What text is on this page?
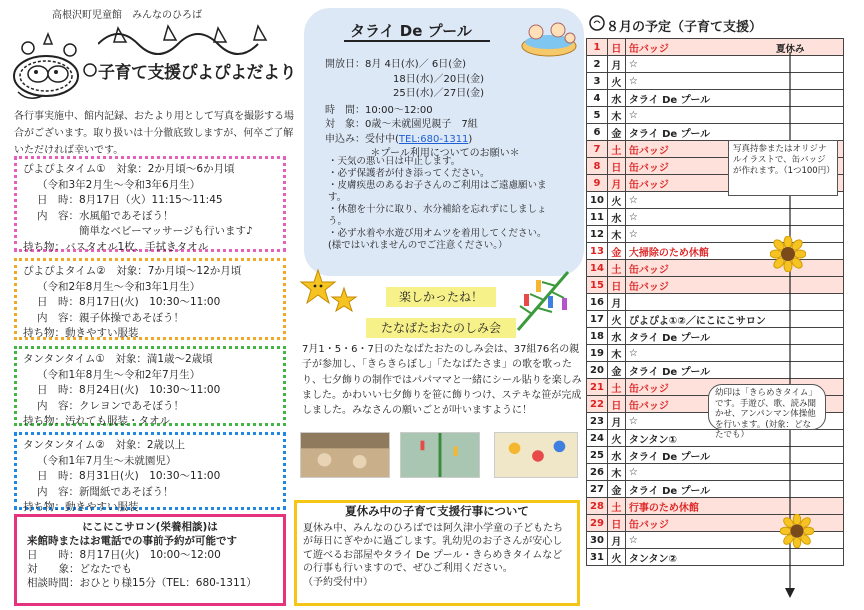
高根沢町児童館　みんなのひろば
子育て支援ぴよぴよだより
各行事実施中、館内記録、おたより用として写真を撮影する場合がございます。取り扱いは十分徹底致しますが、何卒ご了解いただければ幸いです。
ぴよぴよタイム①　対象：2か月頃～6か月頃
（令和3年2月生～令和3年6月生）
日　時：8月17日（火）11:15～11:45
内　容：水風船であそぼう！
簡単なベビーマッサージも行います♪
持ち物：バスタオル1枚、手拭きタオル
ぴよぴよタイム②　対象：7か月頃～12か月頃
（令和2年8月生～令和3年1月生）
日　時：8月17日(火)　10:30～11:00
内　容：親子体操であそぼう！
持ち物：動きやすい服装
タンタンタイム①　対象：満1歳～2歳頃
（令和1年8月生～令和2年7月生）
日　時：8月24日(火)　10:30～11:00
内　容：クレヨンであそぼう！
持ち物：汚れても服装・タオル
タンタンタイム②　対象：2歳以上
（令和1年7月生～未就園児）
日　時：8月31日(火)　10:30～11:00
内　容：新聞紙であそぼう！
持ち物：動きやすい服装
にこにこサロン(栄養相談)は
来館時またはお電話での事前予約が可能です
日　　時：8月17日(火)　10:00～12:00
対　　象：どなたでも
相談時間：おひとり様15分（TEL：680-1311）
タライ De プール
開放日： 8月 4日(水)／ 6日(金)
18日(水)／20日(金)
25日(水)／27日(金)
時　間： 10:00～12:00
対　象： 0歳～未就園児親子　7組
申込み： 受付中( TEL:680-1311 )
＊プール利用についてのお願い＊
・天気の悪い日は中止します。
・必ず保護者が付き添ってください。
・皮膚疾患のあるお子さんのご利用はご遠慮願います。
・休憩を十分に取り、水分補給を忘れずにしましょう。
・必ず水着や水遊び用オムツを着用してください。(様ではいれませんのでご注意ください。）
楽しかったね！
たなばたおたのしみ会
7月1・5・6・7日のたなばたおたのしみ会は、37組76名の親子が参加し、「きらきらぼし」「たなばたさま」の歌を歌ったり、七夕飾りの制作ではパパママと一緒にシール貼りを楽しみました。かわいい七夕飾りを笹に飾りつけ、ステキな笹が完成しました。みなさんの願いごとが叶いますように！
夏休み中の子育て支援行事について
夏休み中、みんなのひろばでは阿久津小学童の子どもたちが毎日にぎやかに過ごします。乳幼児のお子さんが安心して遊べるお部屋やタライ De プール・きらめきタイムなどの行事も行いますので、ぜひご利用ください。
（予約受付中）
８月の予定（子育て支援）
1	日	缶バッジ
2	月	☆
3	火	☆
4	水	タライ De プール
5	木	☆
6	金	タライ De プール
7	土	缶バッジ
8	日	缶バッジ
9	月	缶バッジ
10	火	☆
11	水	☆
12	木	☆
13	金	大掃除のため休館
14	土	缶バッジ
15	日	缶バッジ
16	月	
17	火	ぴよぴよ①②／にこにこサロン
18	水	タライ De プール
19	木	☆
20	金	タライ De プール
21	土	缶バッジ
22	日	缶バッジ
23	月	☆
24	火	タンタン①
25	水	タライ De プール
26	木	☆
27	金	タライ De プール
28	土	行事のため休館
29	日	缶バッジ
30	月	☆
31	火	タンタン②
夏休み
写真持参またはオリジナルイラストで、缶バッジが作れます。（1つ100円）
幼印は「きらめきタイム」です。手遊び、歌、読み聞かせ、アンパンマン体操他を行います。(対象：どなたでも）
